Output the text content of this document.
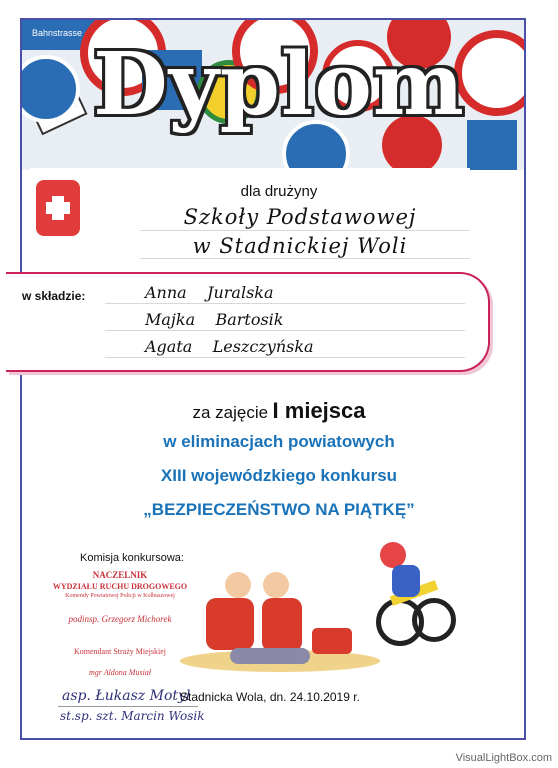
Bahnstrasse
Dyplom
dla drużyny
Szkoły Podstawowej
w Stadnickiej Woli
w składzie:	Anna    Juralska
Majka    Bartosik
Agata    Leszczyńska
za zajęcie I miejsca
w eliminacjach powiatowych
XIII wojewódzkiego konkursu
„BEZPIECZEŃSTWO NA PIĄTKĘ”
Komisja konkursowa:
NACZELNIK
WYDZIAŁU RUCHU DROGOWEGO
Komendy Powiatowej Policji w Kolbuszowej
podinsp. Grzegorz Michorek
Komendant Straży Miejskiej
mgr Aldona Musiał
asp. Łukasz Motyl
st.sp. szt. Marcin Wosik
Stadnicka Wola, dn. 24.10.2019 r.
VisualLightBox.com
